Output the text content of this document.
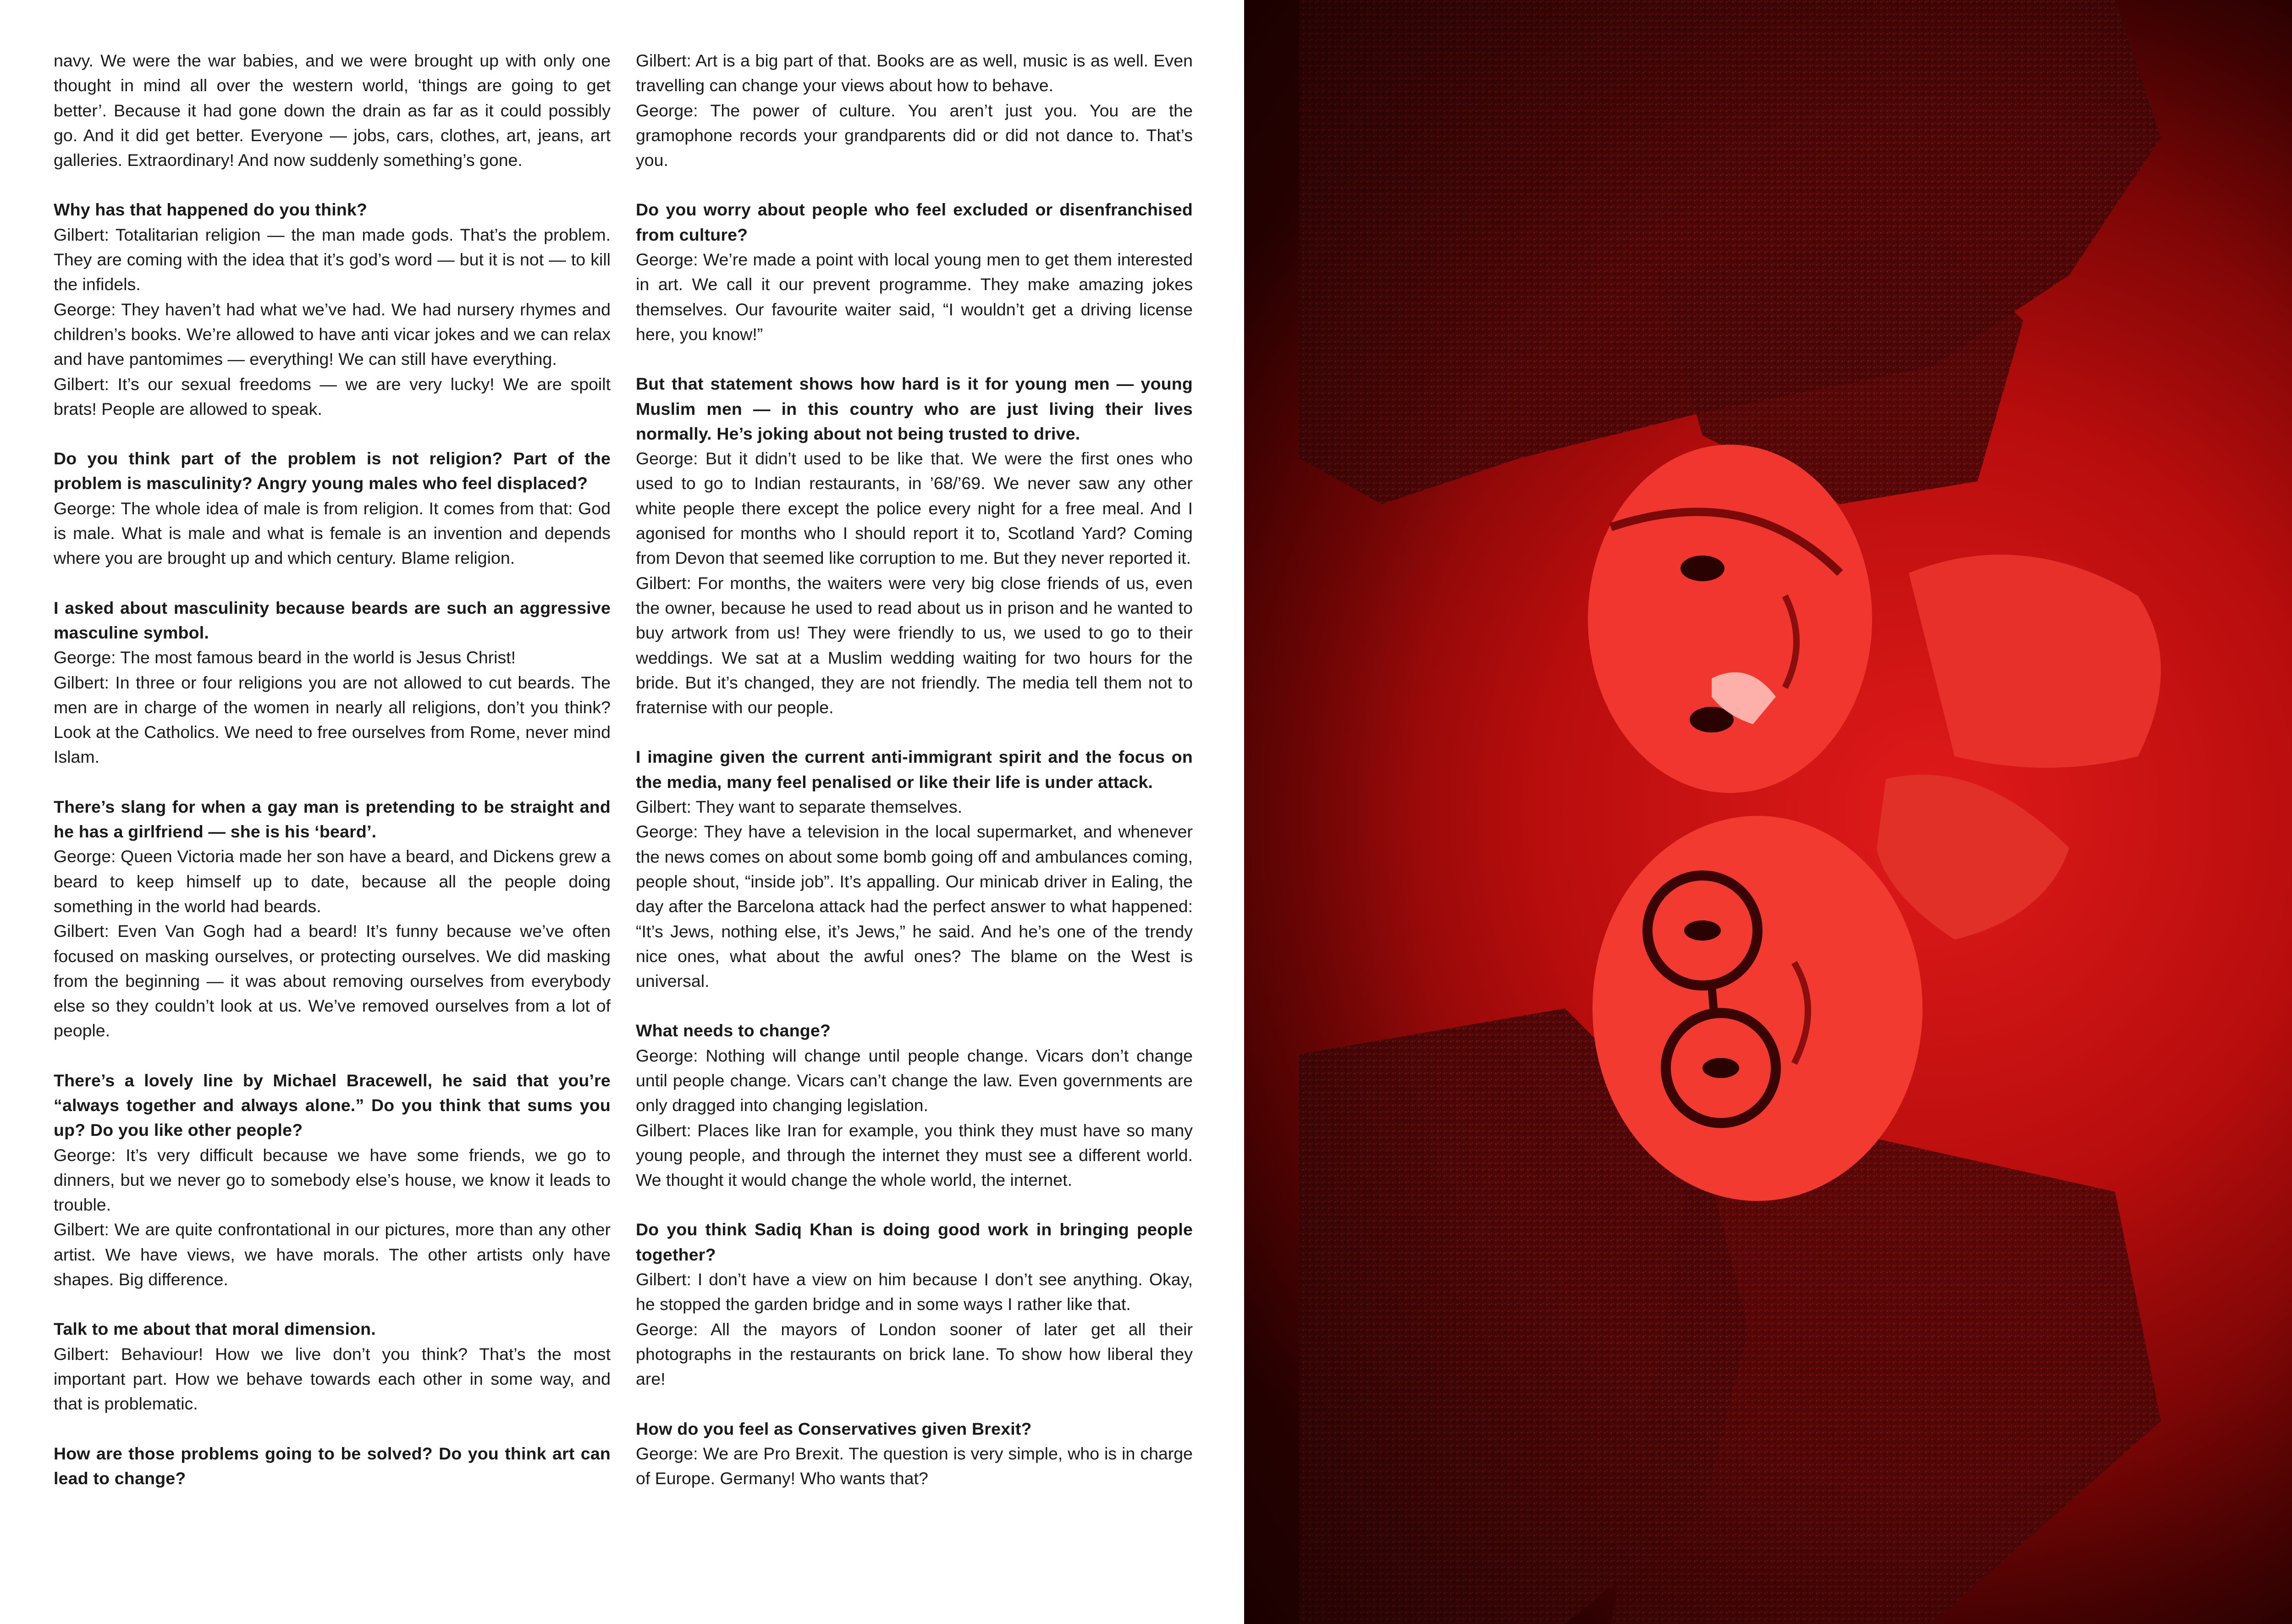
navy. We were the war babies, and we were brought up with only one thought in mind all over the western world, ‘things are going to get better’. Because it had gone down the drain as far as it could possibly go. And it did get better. Everyone — jobs, cars, clothes, art, jeans, art galleries. Extraordinary! And now suddenly something’s gone.

Why has that happened do you think?

Gilbert: Totalitarian religion — the man made gods. That’s the problem. They are coming with the idea that it’s god’s word — but it is not — to kill the infidels.

George: They haven’t had what we’ve had. We had nursery rhymes and children’s books. We’re allowed to have anti vicar jokes and we can relax and have pantomimes — everything! We can still have everything.

Gilbert: It’s our sexual freedoms — we are very lucky! We are spoilt brats! People are allowed to speak.

Do you think part of the problem is not religion? Part of the problem is masculinity? Angry young males who feel displaced?

George: The whole idea of male is from religion. It comes from that: God is male. What is male and what is female is an invention and depends where you are brought up and which century. Blame religion.

I asked about masculinity because beards are such an aggressive masculine symbol.

George: The most famous beard in the world is Jesus Christ!

Gilbert: In three or four religions you are not allowed to cut beards. The men are in charge of the women in nearly all religions, don’t you think? Look at the Catholics. We need to free ourselves from Rome, never mind Islam.

There’s slang for when a gay man is pretending to be straight and he has a girlfriend — she is his ‘beard’.

George: Queen Victoria made her son have a beard, and Dickens grew a beard to keep himself up to date, because all the people doing something in the world had beards.

Gilbert: Even Van Gogh had a beard! It’s funny because we’ve often focused on masking ourselves, or protecting ourselves. We did masking from the beginning — it was about removing ourselves from everybody else so they couldn’t look at us. We’ve removed ourselves from a lot of people.

There’s a lovely line by Michael Bracewell, he said that you’re “always together and always alone.” Do you think that sums you up? Do you like other people?

George: It’s very difficult because we have some friends, we go to dinners, but we never go to somebody else’s house, we know it leads to trouble.

Gilbert: We are quite confrontational in our pictures, more than any other artist. We have views, we have morals. The other artists only have shapes. Big difference.

Talk to me about that moral dimension.

Gilbert: Behaviour! How we live don’t you think? That’s the most important part. How we behave towards each other in some way, and that is problematic.

How are those problems going to be solved? Do you think art can lead to change?

Gilbert: Art is a big part of that. Books are as well, music is as well. Even travelling can change your views about how to behave.

George: The power of culture. You aren’t just you. You are the gramophone records your grandparents did or did not dance to. That’s you.

Do you worry about people who feel excluded or disenfranchised from culture?

George: We’re made a point with local young men to get them interested in art. We call it our prevent programme. They make amazing jokes themselves. Our favourite waiter said, “I wouldn’t get a driving license here, you know!”

But that statement shows how hard is it for young men — young Muslim men — in this country who are just living their lives normally. He’s joking about not being trusted to drive.

George: But it didn’t used to be like that. We were the first ones who used to go to Indian restaurants, in ’68/’69. We never saw any other white people there except the police every night for a free meal. And I agonised for months who I should report it to, Scotland Yard? Coming from Devon that seemed like corruption to me. But they never reported it.

Gilbert: For months, the waiters were very big close friends of us, even the owner, because he used to read about us in prison and he wanted to buy artwork from us! They were friendly to us, we used to go to their weddings. We sat at a Muslim wedding waiting for two hours for the bride. But it’s changed, they are not friendly. The media tell them not to fraternise with our people.

I imagine given the current anti-immigrant spirit and the focus on the media, many feel penalised or like their life is under attack.

Gilbert: They want to separate themselves.

George: They have a television in the local supermarket, and whenever the news comes on about some bomb going off and ambulances coming, people shout, “inside job”. It’s appalling. Our minicab driver in Ealing, the day after the Barcelona attack had the perfect answer to what happened: “It’s Jews, nothing else, it’s Jews,” he said. And he’s one of the trendy nice ones, what about the awful ones? The blame on the West is universal.

What needs to change?

George: Nothing will change until people change. Vicars don’t change until people change. Vicars can’t change the law. Even governments are only dragged into changing legislation.

Gilbert: Places like Iran for example, you think they must have so many young people, and through the internet they must see a different world. We thought it would change the whole world, the internet.

Do you think Sadiq Khan is doing good work in bringing people together?

Gilbert: I don’t have a view on him because I don’t see anything. Okay, he stopped the garden bridge and in some ways I rather like that.

George: All the mayors of London sooner of later get all their photographs in the restaurants on brick lane. To show how liberal they are!

How do you feel as Conservatives given Brexit?

George: We are Pro Brexit. The question is very simple, who is in charge of Europe. Germany! Who wants that?
